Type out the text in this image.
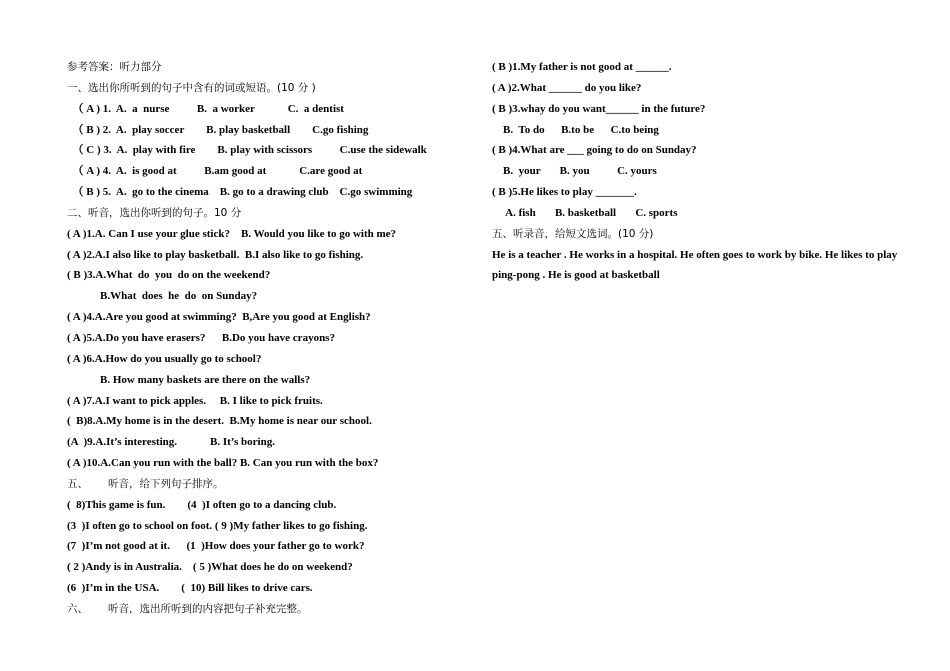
参考答案：听力部分
一、选出你所听到的句子中含有的词或短语。(10 分 )
（ A ) 1.  A.  a  nurse          B.  a worker            C.  a dentist
（ B ) 2.  A.  play soccer        B. play basketball        C.go fishing
（ C ) 3.  A.  play with fire        B. play with scissors          C.use the sidewalk
（ A ) 4.  A.  is good at          B.am good at            C.are good at
（ B ) 5.  A.  go to the cinema    B. go to a drawing club    C.go swimming
二、听音，选出你听到的句子。10 分
( A )1.A. Can I use your glue stick?    B. Would you like to go with me?
( A )2.A.I also like to play basketball.  B.I also like to go fishing.
( B )3.A.What  do  you  do on the weekend?
B.What  does  he  do  on Sunday?
( A )4.A.Are you good at swimming?  B,Are you good at English?
( A )5.A.Do you have erasers?      B.Do you have crayons?
( A )6.A.How do you usually go to school?
B. How many baskets are there on the walls?
( A )7.A.I want to pick apples.     B. I like to pick fruits.
(  B)8.A.My home is in the desert.  B.My home is near our school.
(A  )9.A.It’s interesting.            B. It’s boring.
( A )10.A.Can you run with the ball? B. Can you run with the box?
五、      听音，给下列句子排序。
(  8)This game is fun.        (4  )I often go to a dancing club.
(3  )I often go to school on foot. ( 9 )My father likes to go fishing.
(7  )I’m not good at it.      (1  )How does your father go to work?
( 2 )Andy is in Australia.    ( 5 )What does he do on weekend?
(6  )I’m in the USA.        (  10) Bill likes to drive cars.
六、      听音，选出所听到的内容把句子补充完整。
( B )1.My father is not good at ______.
( A )2.What ______ do you like?
( B )3.whay do you want______ in the future?
B.  To do      B.to be      C.to being
( B )4.What are ___ going to do on Sunday?
B.  your       B. you          C. yours
( B )5.He likes to play _______.
A. fish       B. basketball       C. sports
五、听录音，给短文选词。(10 分)
He is a teacher . He works in a hospital. He often goes to work by bike. He likes to play ping-pong . He is good at basketball
